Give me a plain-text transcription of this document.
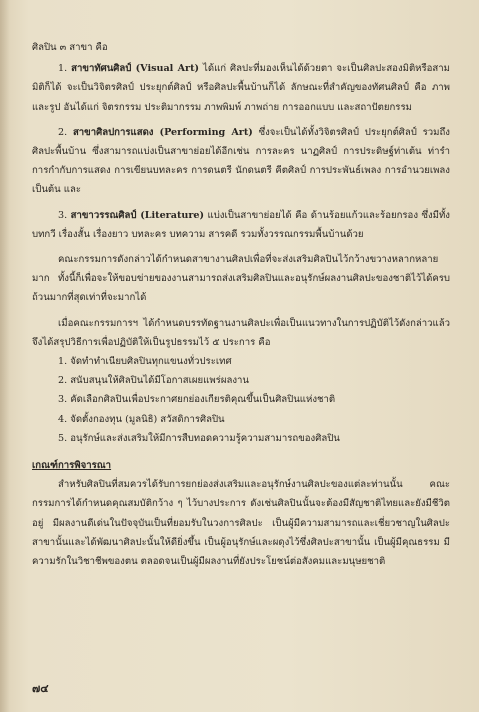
ศิลปิน ๓ สาขา คือ

1. สาขาทัศนศิลป์ (Visual Art) ได้แก่ ศิลปะที่มองเห็นได้ด้วยตา จะเป็นศิลปะสองมิติหรือสามมิติก็ได้ จะเป็นวิจิตรศิลป์ ประยุกต์ศิลป์ หรือศิลปะพื้นบ้านก็ได้ ลักษณะที่สำคัญของทัศนศิลป์ คือ ภาพและรูป อันได้แก่ จิตรกรรม ประติมากรรม ภาพพิมพ์ ภาพถ่าย การออกแบบ และสถาปัตยกรรม

2. สาขาศิลปการแสดง (Performing Art) ซึ่งจะเป็นได้ทั้งวิจิตรศิลป์ ประยุกต์ศิลป์ รวมถึงศิลปะพื้นบ้าน ซึ่งสามารถแบ่งเป็นสาขาย่อยได้อีกเช่น การละคร นาฏศิลป์ การประดิษฐ์ท่าเต้น ท่ารำ การกำกับการแสดง การเขียนบทละคร การดนตรี นักดนตรี คีตศิลป์ การประพันธ์เพลง การอำนวยเพลง เป็นต้น และ

3. สาขาวรรณศิลป์ (Literature) แบ่งเป็นสาขาย่อยได้ คือ ด้านร้อยแก้วและร้อยกรอง ซึ่งมีทั้งบทกวี เรื่องสั้น เรื่องยาว บทละคร บทความ สารคดี รวมทั้งวรรณกรรมพื้นบ้านด้วย

คณะกรรมการดังกล่าวได้กำหนดสาขางานศิลปเพื่อที่จะส่งเสริมศิลปินไว้กว้างขวางหลากหลายมาก ทั้งนี้ก็เพื่อจะให้ขอบข่ายของงานสามารถส่งเสริมศิลปินและอนุรักษ์ผลงานศิลปะของชาติไว้ได้ครบถ้วนมากที่สุดเท่าที่จะมากได้

เมื่อคณะกรรมการฯ ได้กำหนดบรรทัดฐานงานศิลปะเพื่อเป็นแนวทางในการปฏิบัติไว้ดังกล่าวแล้ว จึงได้สรุปวิธีการเพื่อปฏิบัติให้เป็นรูปธรรมไว้ ๕ ประการ คือ

1. จัดทำทำเนียบศิลปินทุกแขนงทั่วประเทศ
2. สนับสนุนให้ศิลปินได้มีโอกาสเผยแพร่ผลงาน
3. คัดเลือกศิลปินเพื่อประกาศยกย่องเกียรติคุณขึ้นเป็นศิลปินแห่งชาติ
4. จัดตั้งกองทุน (มูลนิธิ) สวัสดิการศิลปิน
5. อนุรักษ์และส่งเสริมให้มีการสืบทอดความรู้ความสามารถของศิลปิน

เกณฑ์การพิจารณา

สำหรับศิลปินที่สมควรได้รับการยกย่องส่งเสริมและอนุรักษ์งานศิลปะของแต่ละท่านนั้น คณะกรรมการได้กำหนดคุณสมบัติกว้าง ๆ ไว้บางประการ ดังเช่นศิลปินนั้นจะต้องมีสัญชาติไทยและยังมีชีวิตอยู่ มีผลงานดีเด่นในปัจจุบันเป็นที่ยอมรับในวงการศิลปะ เป็นผู้มีความสามารถและเชี่ยวชาญในศิลปะสาขานั้นและได้พัฒนาศิลปะนั้นให้ดียิ่งขึ้น เป็นผู้อนุรักษ์และผดุงไว้ซึ่งศิลปะสาขานั้น เป็นผู้มีคุณธรรม มีความรักในวิชาชีพของตน ตลอดจนเป็นผู้มีผลงานที่ยังประโยชน์ต่อสังคมและมนุษยชาติ

๗๔
